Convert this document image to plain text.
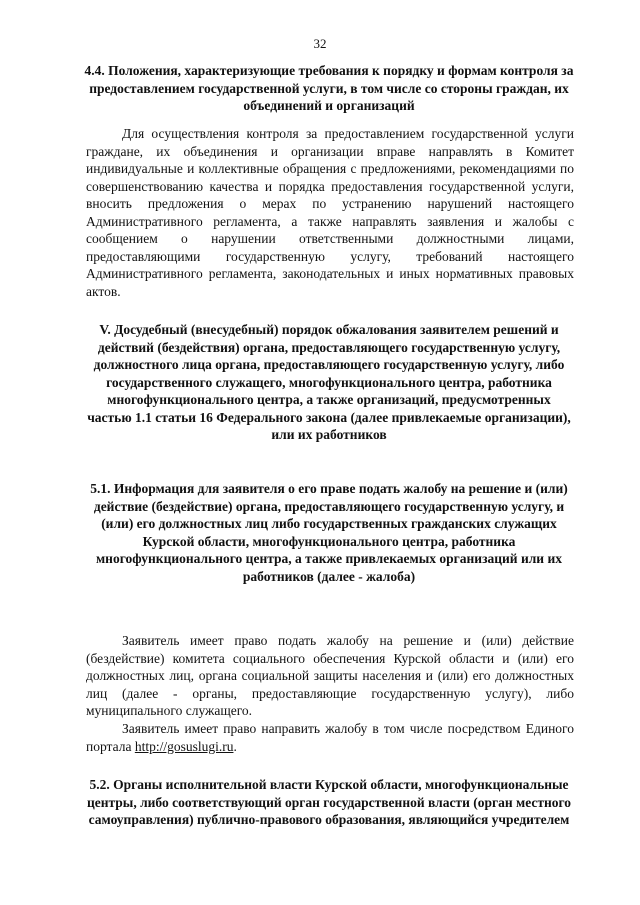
32
4.4. Положения, характеризующие требования к порядку и формам контроля за предоставлением государственной услуги, в том числе со стороны граждан, их объединений и организаций

Для осуществления контроля за предоставлением государственной услуги граждане, их объединения и организации вправе направлять в Комитет индивидуальные и коллективные обращения с предложениями, рекомендациями по совершенствованию качества и порядка предоставления государственной услуги, вносить предложения о мерах по устранению нарушений настоящего Административного регламента, а также направлять заявления и жалобы с сообщением о нарушении ответственными должностными лицами, предоставляющими государственную услугу, требований настоящего Административного регламента, законодательных и иных нормативных правовых актов.

V. Досудебный (внесудебный) порядок обжалования заявителем решений и действий (бездействия) органа, предоставляющего государственную услугу, должностного лица органа, предоставляющего государственную услугу, либо государственного служащего, многофункционального центра, работника многофункционального центра, а также организаций, предусмотренных частью 1.1 статьи 16 Федерального закона (далее привлекаемые организации), или их работников
5.1. Информация для заявителя о его праве подать жалобу на решение и (или) действие (бездействие) органа, предоставляющего государственную услугу, и (или) его должностных лиц либо государственных гражданских служащих Курской области, многофункционального центра, работника многофункционального центра, а также привлекаемых организаций или их работников (далее - жалоба)

Заявитель имеет право подать жалобу на решение и (или) действие (бездействие) комитета социального обеспечения Курской области и (или) его должностных лиц, органа социальной защиты населения и (или) его должностных лиц (далее - органы, предоставляющие государственную услугу), либо муниципального служащего.

Заявитель имеет право направить жалобу в том числе посредством Единого портала http://gosuslugi.ru.

5.2. Органы исполнительной власти Курской области, многофункциональные центры, либо соответствующий орган государственной власти (орган местного самоуправления) публично-правового образования, являющийся учредителем
